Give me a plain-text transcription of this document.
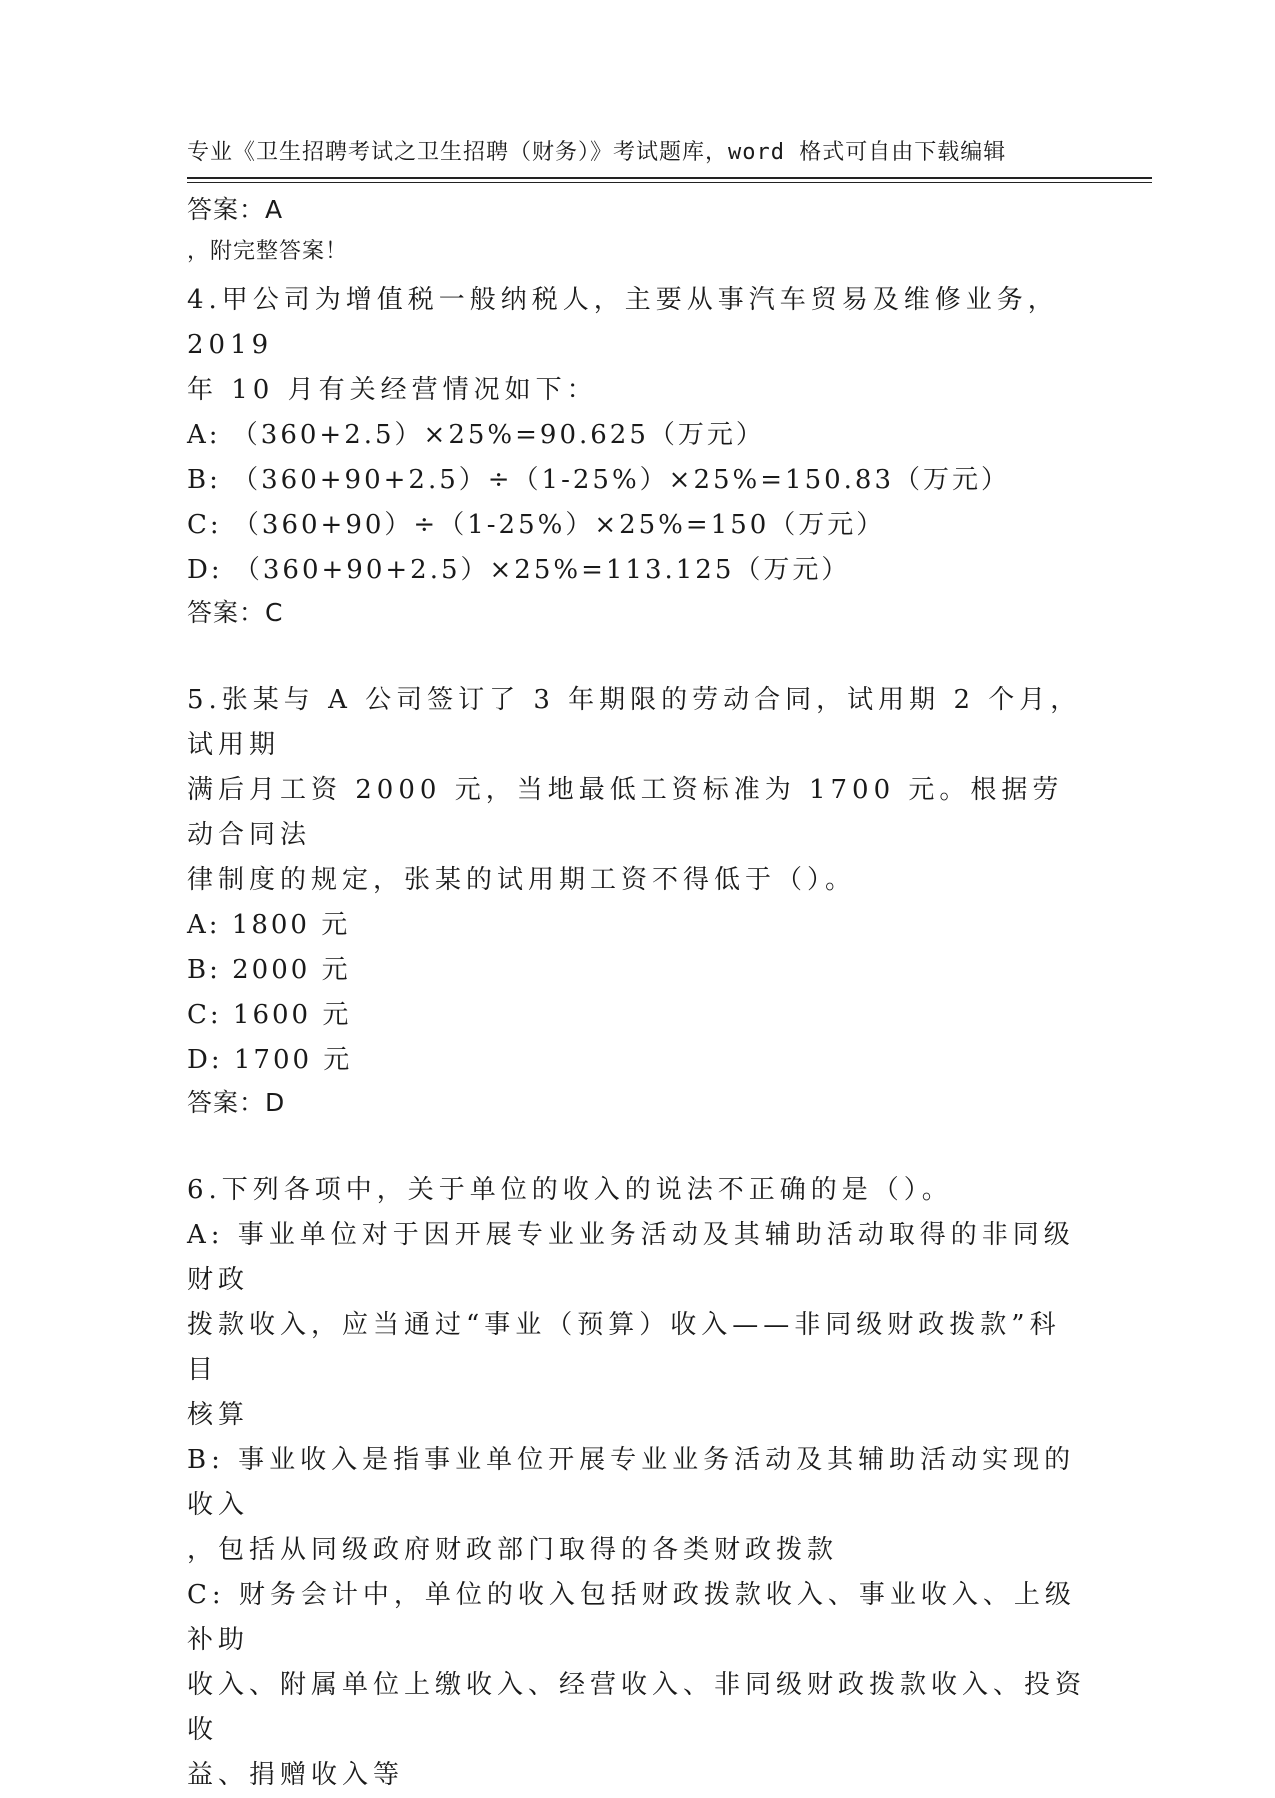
专业《卫生招聘考试之卫生招聘（财务）》考试题库，word 格式可自由下载编辑

，附完整答案！

答案：A

4.甲公司为增值税一般纳税人，主要从事汽车贸易及维修业务，2019

年 10 月有关经营情况如下：

A: （360+2.5）×25%=90.625（万元）

B: （360+90+2.5）÷（1-25%）×25%=150.83（万元）

C: （360+90）÷（1-25%）×25%=150（万元）

D: （360+90+2.5）×25%=113.125（万元）

答案：C

5.张某与 A 公司签订了 3 年期限的劳动合同，试用期 2 个月，试用期

满后月工资 2000 元，当地最低工资标准为 1700 元。根据劳动合同法

律制度的规定，张某的试用期工资不得低于（）。

A: 1800 元

B: 2000 元

C: 1600 元

D: 1700 元

答案：D

6.下列各项中，关于单位的收入的说法不正确的是（）。

A: 事业单位对于因开展专业业务活动及其辅助活动取得的非同级财政

拨款收入，应当通过“事业（预算）收入——非同级财政拨款”科目

核算

B: 事业收入是指事业单位开展专业业务活动及其辅助活动实现的收入

，包括从同级政府财政部门取得的各类财政拨款

C: 财务会计中，单位的收入包括财政拨款收入、事业收入、上级补助

收入、附属单位上缴收入、经营收入、非同级财政拨款收入、投资收

益、捐赠收入等
